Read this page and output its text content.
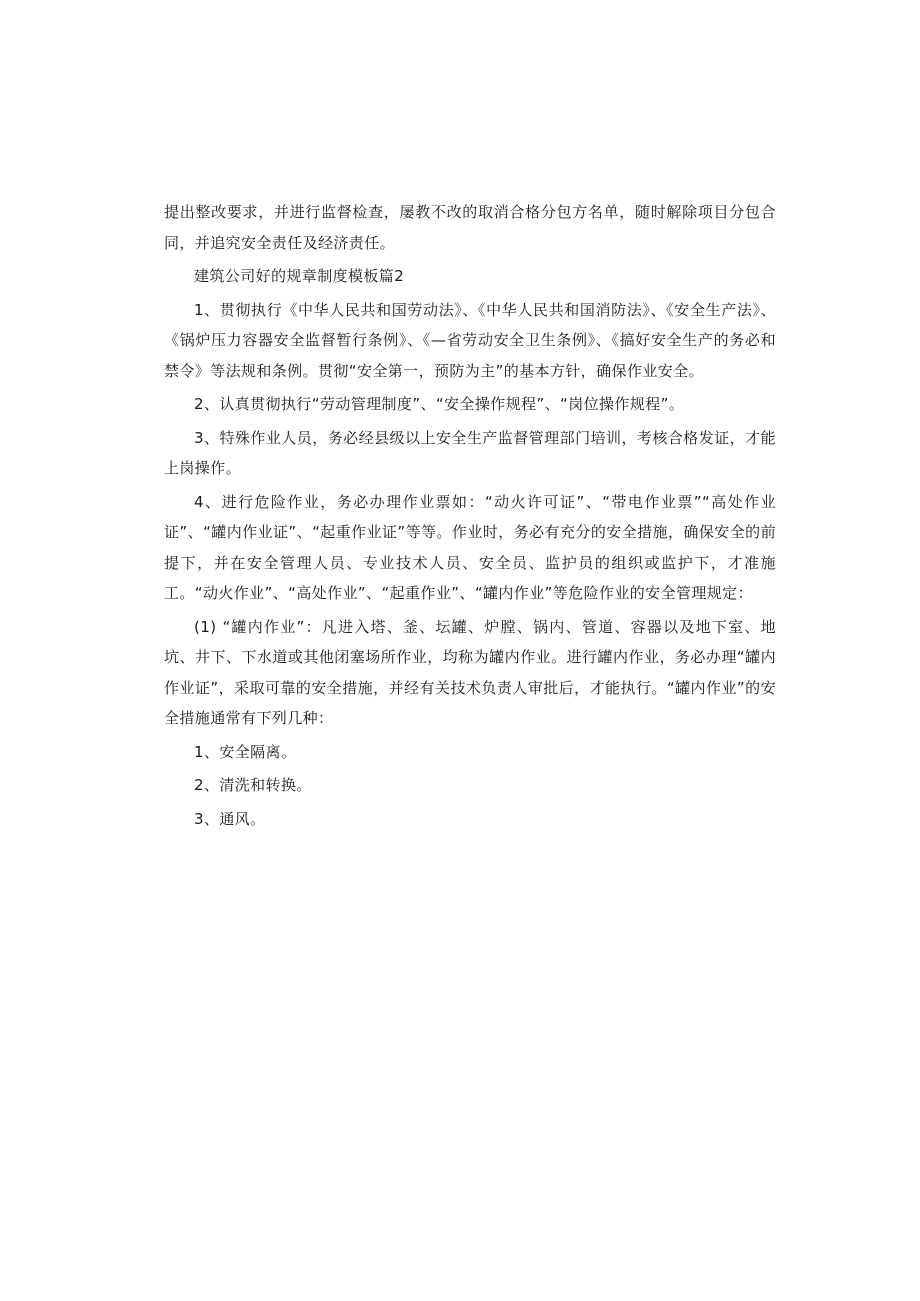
提出整改要求，并进行监督检查，屡教不改的取消合格分包方名单，随时解除项目分包合同，并追究安全责任及经济责任。

建筑公司好的规章制度模板篇2

1、贯彻执行《中华人民共和国劳动法》、《中华人民共和国消防法》、《安全生产法》、《锅炉压力容器安全监督暂行条例》、《—省劳动安全卫生条例》、《搞好安全生产的务必和禁令》等法规和条例。贯彻“安全第一，预防为主”的基本方针，确保作业安全。

2、认真贯彻执行“劳动管理制度”、“安全操作规程”、“岗位操作规程”。

3、特殊作业人员，务必经县级以上安全生产监督管理部门培训，考核合格发证，才能上岗操作。

4、进行危险作业，务必办理作业票如：“动火许可证”、“带电作业票”“高处作业证”、“罐内作业证”、“起重作业证”等等。作业时，务必有充分的安全措施，确保安全的前提下，并在安全管理人员、专业技术人员、安全员、监护员的组织或监护下，才准施工。“动火作业”、“高处作业”、“起重作业”、“罐内作业”等危险作业的安全管理规定：

(1) “罐内作业”：凡进入塔、釜、坛罐、炉膛、锅内、管道、容器以及地下室、地坑、井下、下水道或其他闭塞场所作业，均称为罐内作业。进行罐内作业，务必办理“罐内作业证”，采取可靠的安全措施，并经有关技术负责人审批后，才能执行。“罐内作业”的安全措施通常有下列几种：

1、安全隔离。

2、清洗和转换。

3、通风。
